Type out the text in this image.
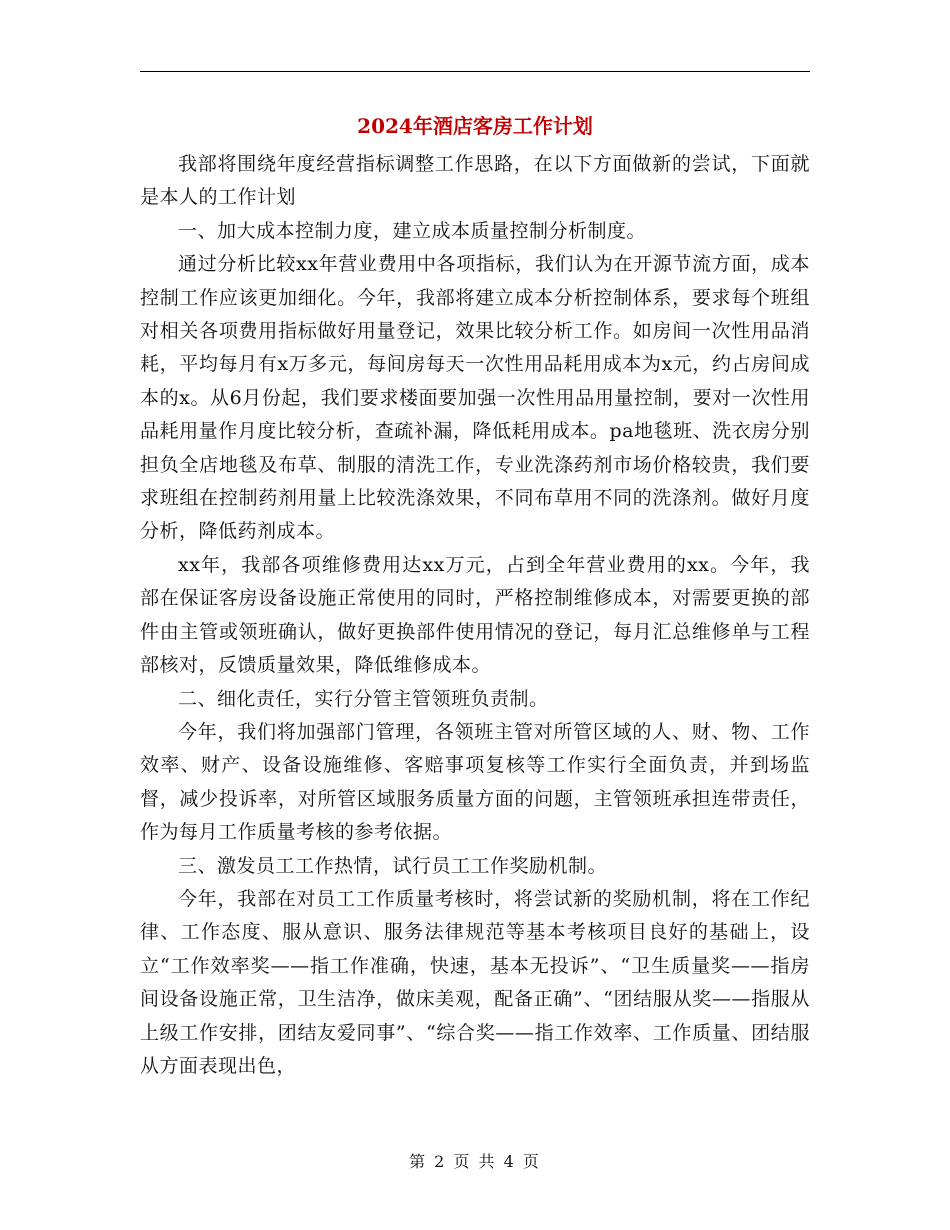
2024年酒店客房工作计划

我部将围绕年度经营指标调整工作思路，在以下方面做新的尝试，下面就是本人的工作计划

一、加大成本控制力度，建立成本质量控制分析制度。

通过分析比较xx年营业费用中各项指标，我们认为在开源节流方面，成本控制工作应该更加细化。今年，我部将建立成本分析控制体系，要求每个班组对相关各项费用指标做好用量登记，效果比较分析工作。如房间一次性用品消耗，平均每月有x万多元，每间房每天一次性用品耗用成本为x元，约占房间成本的x。从6月份起，我们要求楼面要加强一次性用品用量控制，要对一次性用品耗用量作月度比较分析，查疏补漏，降低耗用成本。pa地毯班、洗衣房分别担负全店地毯及布草、制服的清洗工作，专业洗涤药剂市场价格较贵，我们要求班组在控制药剂用量上比较洗涤效果，不同布草用不同的洗涤剂。做好月度分析，降低药剂成本。

xx年，我部各项维修费用达xx万元，占到全年营业费用的xx。今年，我部在保证客房设备设施正常使用的同时，严格控制维修成本，对需要更换的部件由主管或领班确认，做好更换部件使用情况的登记，每月汇总维修单与工程部核对，反馈质量效果，降低维修成本。

二、细化责任，实行分管主管领班负责制。

今年，我们将加强部门管理，各领班主管对所管区域的人、财、物、工作效率、财产、设备设施维修、客赔事项复核等工作实行全面负责，并到场监督，减少投诉率，对所管区域服务质量方面的问题，主管领班承担连带责任，作为每月工作质量考核的参考依据。

三、激发员工工作热情，试行员工工作奖励机制。

今年，我部在对员工工作质量考核时，将尝试新的奖励机制，将在工作纪律、工作态度、服从意识、服务法律规范等基本考核项目良好的基础上，设立“工作效率奖——指工作准确，快速，基本无投诉”、“卫生质量奖——指房间设备设施正常，卫生洁净，做床美观，配备正确”、“团结服从奖——指服从上级工作安排，团结友爱同事”、“综合奖——指工作效率、工作质量、团结服从方面表现出色，

第 2 页 共 4 页
